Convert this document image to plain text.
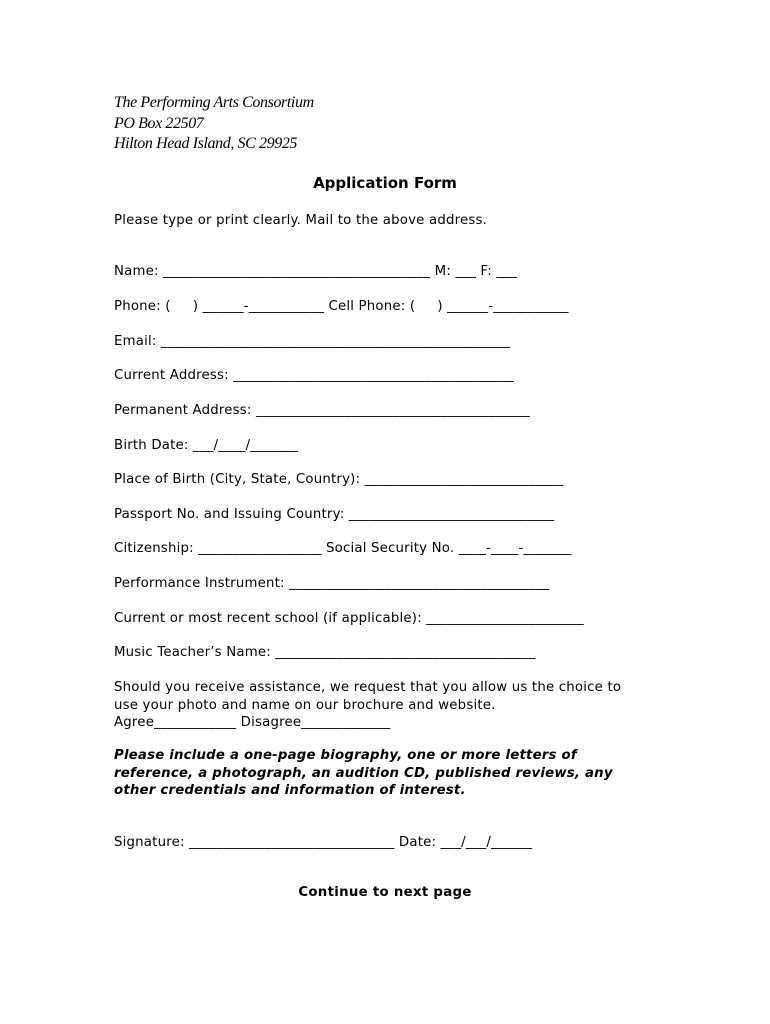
The Performing Arts Consortium
PO Box 22507
Hilton Head Island, SC 29925
Application Form
Please type or print clearly. Mail to the above address.
Name: _______________________________________ M: ___ F: ___
Phone: (     ) ______-___________ Cell Phone: (     ) ______-___________
Email: ___________________________________________________
Current Address: _________________________________________
Permanent Address: ________________________________________
Birth Date: ___/____/_______
Place of Birth (City, State, Country): _____________________________
Passport No. and Issuing Country: ______________________________
Citizenship: __________________ Social Security No. ____-____-_______
Performance Instrument: ______________________________________
Current or most recent school (if applicable): _______________________
Music Teacher’s Name: ______________________________________
Should you receive assistance, we request that you allow us the choice to
use your photo and name on our brochure and website.
Agree____________ Disagree_____________
Please include a one-page biography, one or more letters of
reference, a photograph, an audition CD, published reviews, any
other credentials and information of interest.
Signature: ______________________________ Date: ___/___/______
Continue to next page
